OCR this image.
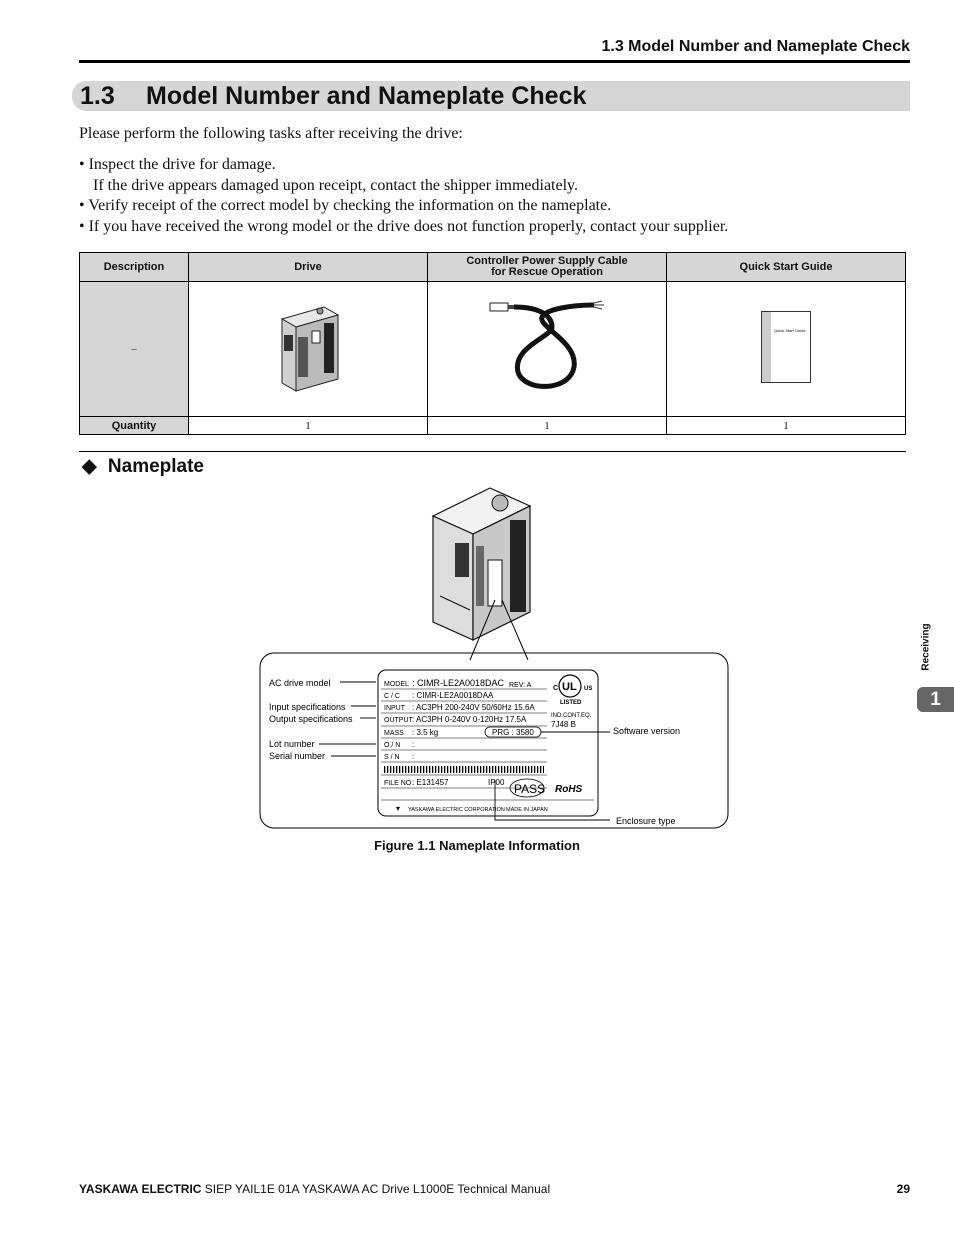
1.3 Model Number and Nameplate Check
1.3 Model Number and Nameplate Check
Please perform the following tasks after receiving the drive:
• Inspect the drive for damage.
If the drive appears damaged upon receipt, contact the shipper immediately.
• Verify receipt of the correct model by checking the information on the nameplate.
• If you have received the wrong model or the drive does not function properly, contact your supplier.
Description	Drive	Controller Power Supply Cable
for Rescue Operation	Quick Start Guide
–			Quick Start Guide

Quantity	1	1	1
◆ Nameplate
MODEL : CIMR-LE2A0018DAC REV: A
C / C : CIMR-LE2A0018DAA
INPUT : AC3PH 200-240V 50/60Hz 15.6A
OUTPUT : AC3PH 0-240V 0-120Hz 17.5A
MASS : 3.5 kg	PRG : 3580
O / N :
S / N :
FILE NO : E131457	IP00 PASS RoHS
▾ YASKAWA ELECTRIC CORPORATION MADE IN JAPAN
UL
C	US
LISTED
IND.CONT.EQ.
7J48 B
AC drive model
Input specifications
Output specifications
Lot number
Serial number
Software version
Enclosure type
Figure 1.1 Nameplate Information
Receiving
1
YASKAWA ELECTRIC SIEP YAIL1E 01A YASKAWA AC Drive L1000E Technical Manual	29
